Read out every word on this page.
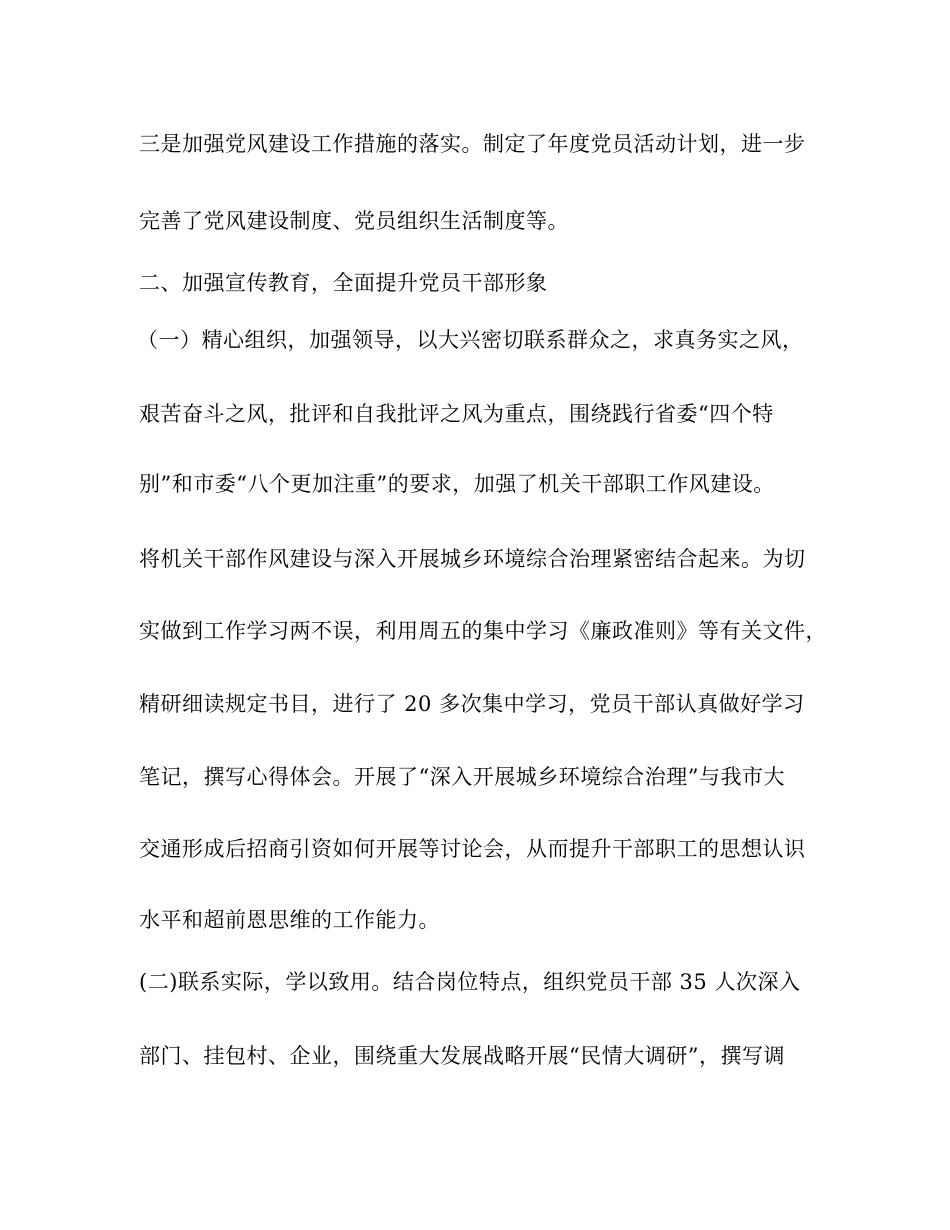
三是加强党风建设工作措施的落实。制定了年度党员活动计划，进一步
完善了党风建设制度、党员组织生活制度等。
二、加强宣传教育，全面提升党员干部形象
（一）精心组织，加强领导，以大兴密切联系群众之，求真务实之风，
艰苦奋斗之风，批评和自我批评之风为重点，围绕践行省委“四个特
别”和市委“八个更加注重”的要求，加强了机关干部职工作风建设。
将机关干部作风建设与深入开展城乡环境综合治理紧密结合起来。为切
实做到工作学习两不误，利用周五的集中学习《廉政准则》等有关文件，
精研细读规定书目，进行了 20 多次集中学习，党员干部认真做好学习
笔记，撰写心得体会。开展了“深入开展城乡环境综合治理”与我市大
交通形成后招商引资如何开展等讨论会，从而提升干部职工的思想认识
水平和超前恩思维的工作能力。
(二)联系实际，学以致用。结合岗位特点，组织党员干部 35 人次深入
部门、挂包村、企业，围绕重大发展战略开展“民情大调研”，撰写调
